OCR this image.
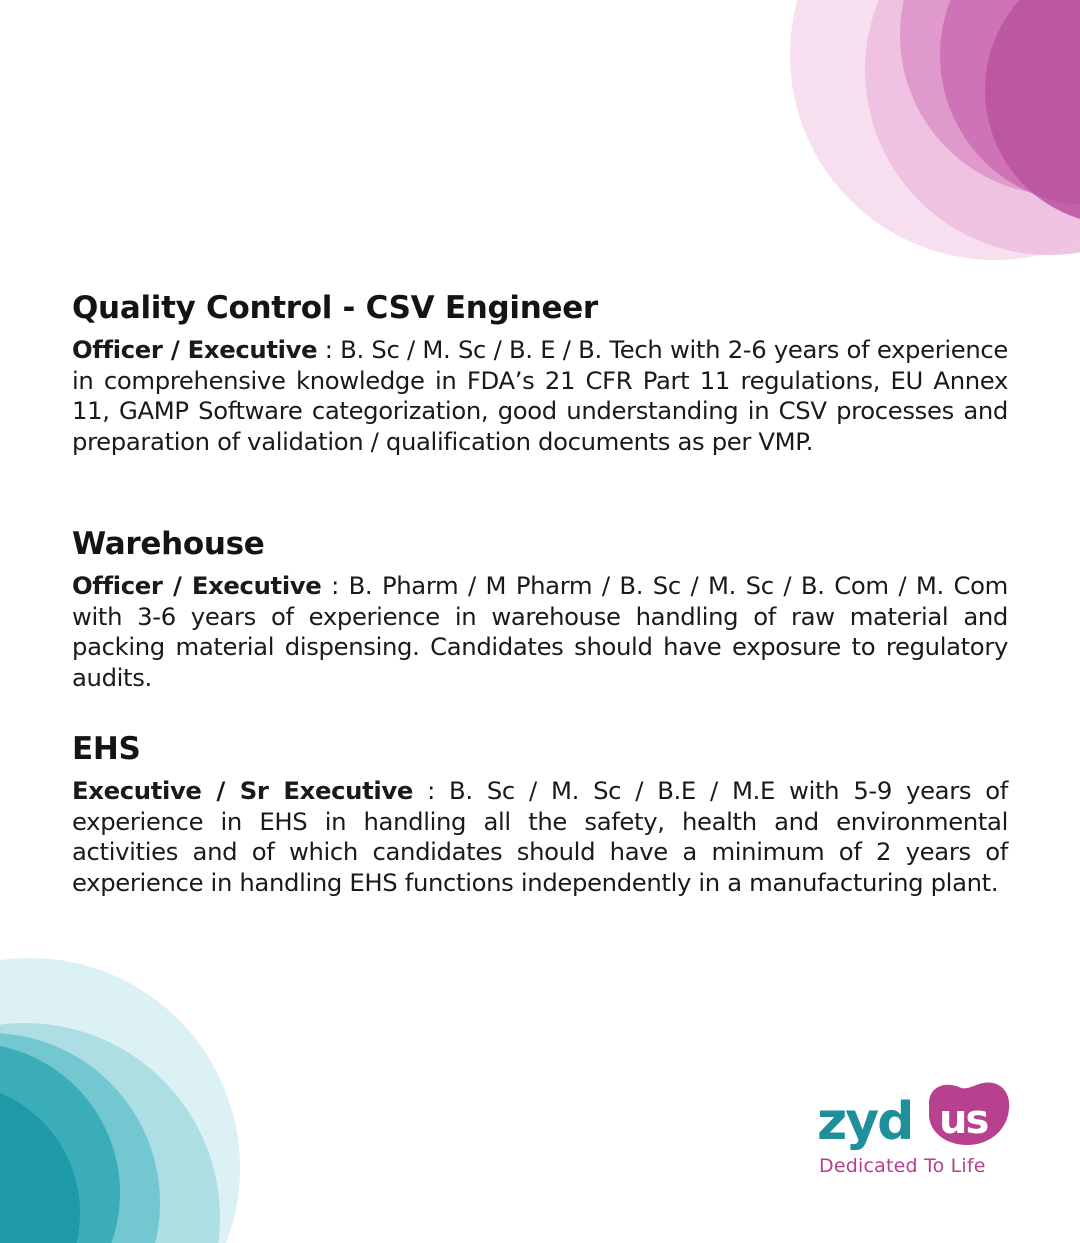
Quality Control - CSV Engineer

Officer / Executive : B. Sc / M. Sc / B. E / B. Tech with 2-6 years of experience in comprehensive knowledge in FDA’s 21 CFR Part 11 regulations, EU Annex 11, GAMP Software categorization, good understanding in CSV processes and preparation of validation / qualification documents as per VMP.

Warehouse

Officer / Executive : B. Pharm / M Pharm / B. Sc / M. Sc / B. Com / M. Com with 3-6 years of experience in warehouse handling of raw material and packing material dispensing. Candidates should have exposure to regulatory audits.

EHS

Executive / Sr Executive : B. Sc / M. Sc / B.E / M.E with 5-9 years of experience in EHS in handling all the safety, health and environmental activities and of which candidates should have a minimum of 2 years of experience in handling EHS functions independently in a manufacturing plant.

zyd us
Dedicated To Life
